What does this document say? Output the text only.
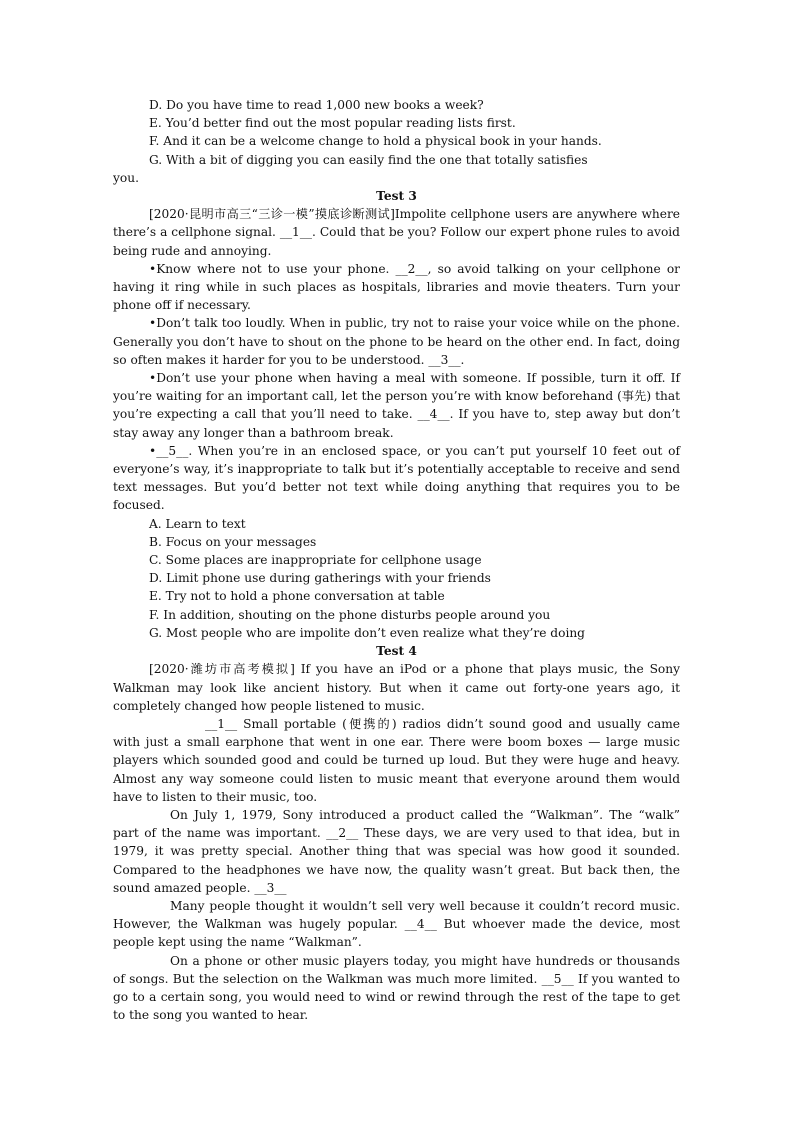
D. Do you have time to read 1,000 new books a week?
E. You’d better find out the most popular reading lists first.
F. And it can be a welcome change to hold a physical book in your hands.
G. With a bit of digging you can easily find the one that totally satisfies
you.
Test 3

[2020·昆明市高三“三诊一模”摸底诊断测试]Impolite cellphone users are anywhere where there’s a cellphone signal. __1__. Could that be you? Follow our expert phone rules to avoid being rude and annoying.

•Know where not to use your phone. __2__, so avoid talking on your cellphone or having it ring while in such places as hospitals, libraries and movie theaters. Turn your phone off if necessary.

•Don’t talk too loudly. When in public, try not to raise your voice while on the phone. Generally you don’t have to shout on the phone to be heard on the other end. In fact, doing so often makes it harder for you to be understood. __3__.

•Don’t use your phone when having a meal with someone. If possible, turn it off. If you’re waiting for an important call, let the person you’re with know beforehand (事先) that you’re expecting a call that you’ll need to take. __4__. If you have to, step away but don’t stay away any longer than a bathroom break.

•__5__. When you’re in an enclosed space, or you can’t put yourself 10 feet out of everyone’s way, it’s inappropriate to talk but it’s potentially acceptable to receive and send text messages. But you’d better not text while doing anything that requires you to be focused.

A. Learn to text
B. Focus on your messages
C. Some places are inappropriate for cellphone usage
D. Limit phone use during gatherings with your friends
E. Try not to hold a phone conversation at table
F. In addition, shouting on the phone disturbs people around you
G. Most people who are impolite don’t even realize what they’re doing
Test 4

[2020·潍坊市高考模拟] If you have an iPod or a phone that plays music, the Sony Walkman may look like ancient history. But when it came out forty-one years ago, it completely changed how people listened to music.

__1__ Small portable (便携的) radios didn’t sound good and usually came with just a small earphone that went in one ear. There were boom boxes — large music players which sounded good and could be turned up loud. But they were huge and heavy. Almost any way someone could listen to music meant that everyone around them would have to listen to their music, too.

On July 1, 1979, Sony introduced a product called the “Walkman”. The “walk” part of the name was important. __2__ These days, we are very used to that idea, but in 1979, it was pretty special. Another thing that was special was how good it sounded. Compared to the headphones we have now, the quality wasn’t great. But back then, the sound amazed people. __3__

Many people thought it wouldn’t sell very well because it couldn’t record music. However, the Walkman was hugely popular. __4__ But whoever made the device, most people kept using the name “Walkman”.

On a phone or other music players today, you might have hundreds or thousands of songs. But the selection on the Walkman was much more limited. __5__ If you wanted to go to a certain song, you would need to wind or rewind through the rest of the tape to get to the song you wanted to hear.
